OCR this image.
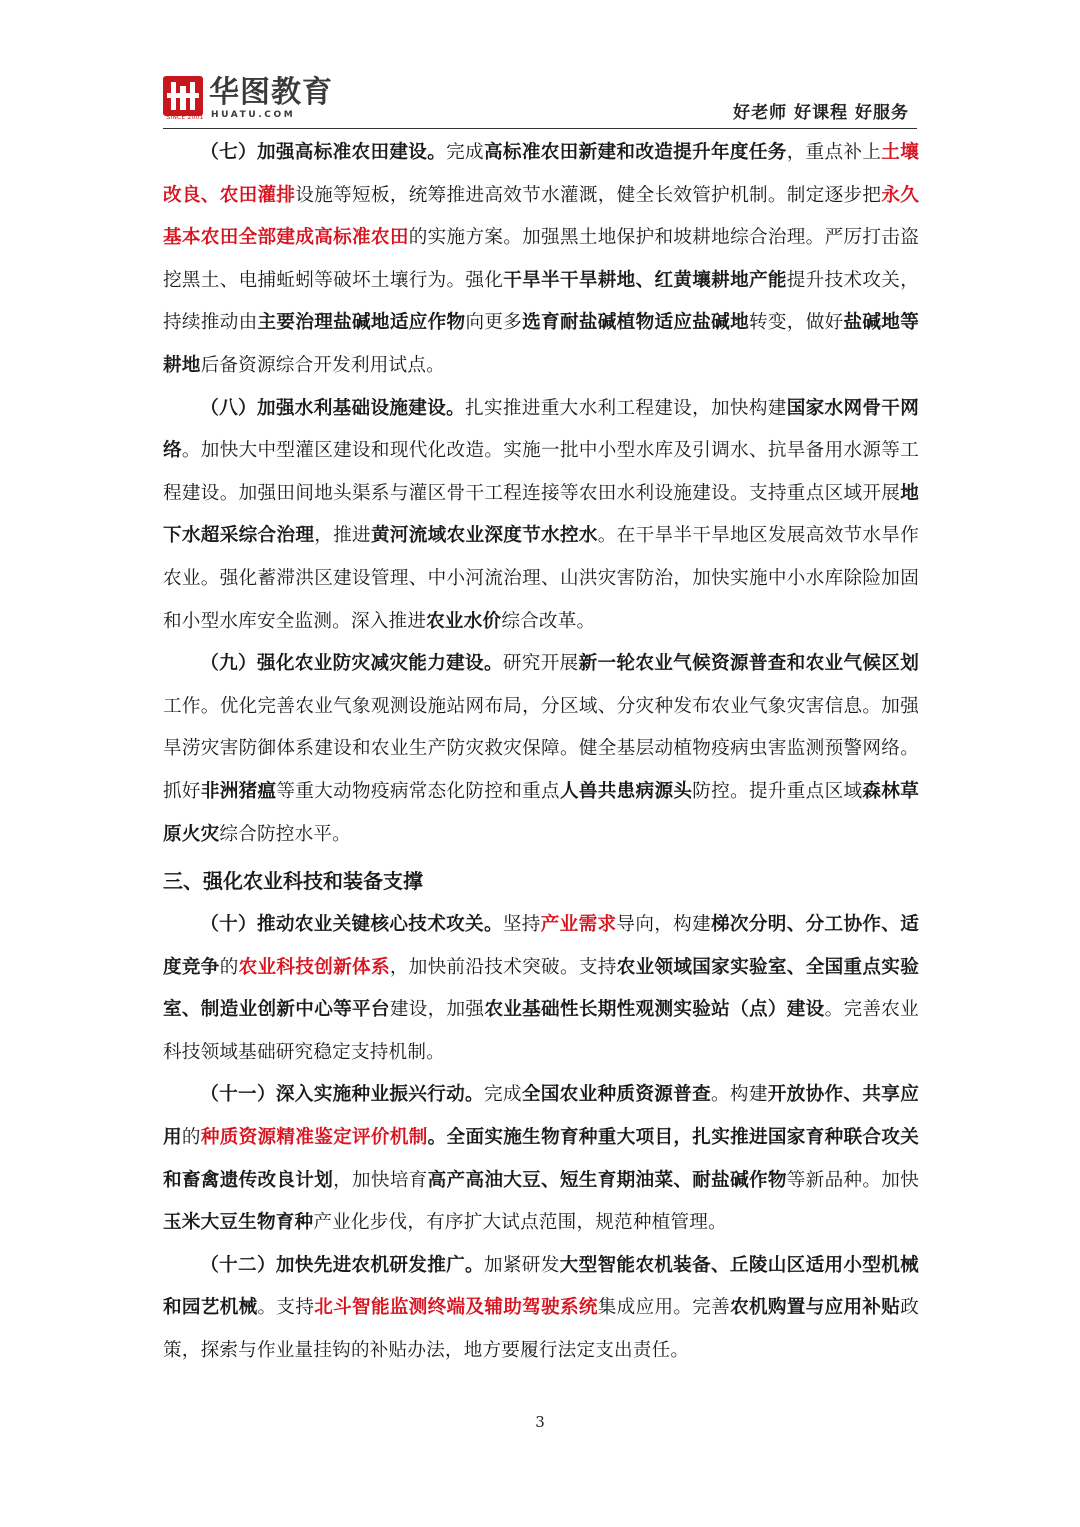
SINCE 2001
华图教育
HUATU.COM	好老师 好课程 好服务

（七）加强高标准农田建设。完成高标准农田新建和改造提升年度任务，重点补上土壤改良、农田灌排设施等短板，统筹推进高效节水灌溉，健全长效管护机制。制定逐步把永久基本农田全部建成高标准农田的实施方案。加强黑土地保护和坡耕地综合治理。严厉打击盗挖黑土、电捕蚯蚓等破坏土壤行为。强化干旱半干旱耕地、红黄壤耕地产能提升技术攻关，持续推动由主要治理盐碱地适应作物向更多选育耐盐碱植物适应盐碱地转变，做好盐碱地等耕地后备资源综合开发利用试点。

（八）加强水利基础设施建设。扎实推进重大水利工程建设，加快构建国家水网骨干网络。加快大中型灌区建设和现代化改造。实施一批中小型水库及引调水、抗旱备用水源等工程建设。加强田间地头渠系与灌区骨干工程连接等农田水利设施建设。支持重点区域开展地下水超采综合治理，推进黄河流域农业深度节水控水。在干旱半干旱地区发展高效节水旱作农业。强化蓄滞洪区建设管理、中小河流治理、山洪灾害防治，加快实施中小水库除险加固和小型水库安全监测。深入推进农业水价综合改革。

（九）强化农业防灾减灾能力建设。研究开展新一轮农业气候资源普查和农业气候区划工作。优化完善农业气象观测设施站网布局，分区域、分灾种发布农业气象灾害信息。加强旱涝灾害防御体系建设和农业生产防灾救灾保障。健全基层动植物疫病虫害监测预警网络。抓好非洲猪瘟等重大动物疫病常态化防控和重点人兽共患病源头防控。提升重点区域森林草原火灾综合防控水平。

三、强化农业科技和装备支撑

（十）推动农业关键核心技术攻关。坚持产业需求导向，构建梯次分明、分工协作、适度竞争的农业科技创新体系，加快前沿技术突破。支持农业领域国家实验室、全国重点实验室、制造业创新中心等平台建设，加强农业基础性长期性观测实验站（点）建设。完善农业科技领域基础研究稳定支持机制。

（十一）深入实施种业振兴行动。完成全国农业种质资源普查。构建开放协作、共享应用的种质资源精准鉴定评价机制。全面实施生物育种重大项目，扎实推进国家育种联合攻关和畜禽遗传改良计划，加快培育高产高油大豆、短生育期油菜、耐盐碱作物等新品种。加快玉米大豆生物育种产业化步伐，有序扩大试点范围，规范种植管理。

（十二）加快先进农机研发推广。加紧研发大型智能农机装备、丘陵山区适用小型机械和园艺机械。支持北斗智能监测终端及辅助驾驶系统集成应用。完善农机购置与应用补贴政策，探索与作业量挂钩的补贴办法，地方要履行法定支出责任。

3
